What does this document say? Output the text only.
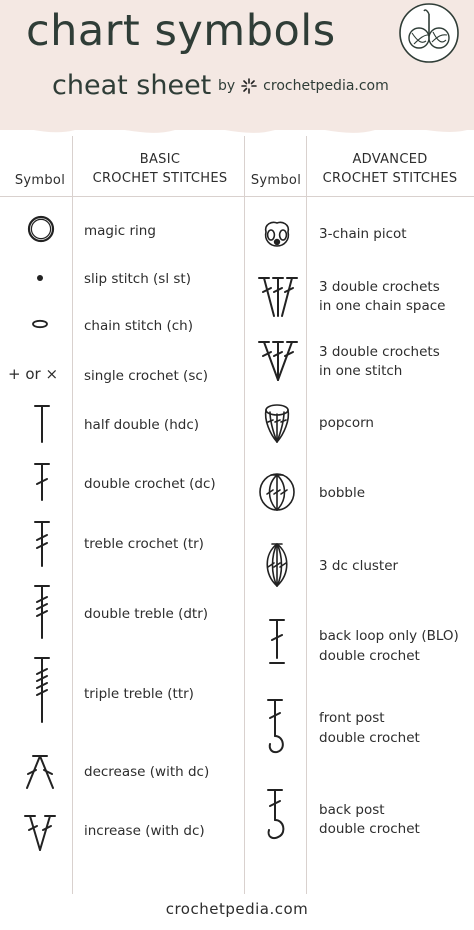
chart symbols
cheat sheet by crochetpedia.com
Symbol
BASIC
CROCHET STITCHES	Symbol
ADVANCED
CROCHET STITCHES
magic ring
slip stitch (sl st)
chain stitch (ch)
single crochet (sc)
half double (hdc)
double crochet (dc)
treble crochet (tr)
double treble (dtr)
triple treble (ttr)
decrease (with dc)
increase (with dc)
+ or ×
3-chain picot
3 double crochets
in one chain space
3 double crochets
in one stitch
popcorn
bobble
3 dc cluster
back loop only (BLO)
double crochet
front post
double crochet
back post
double crochet
crochetpedia.com
